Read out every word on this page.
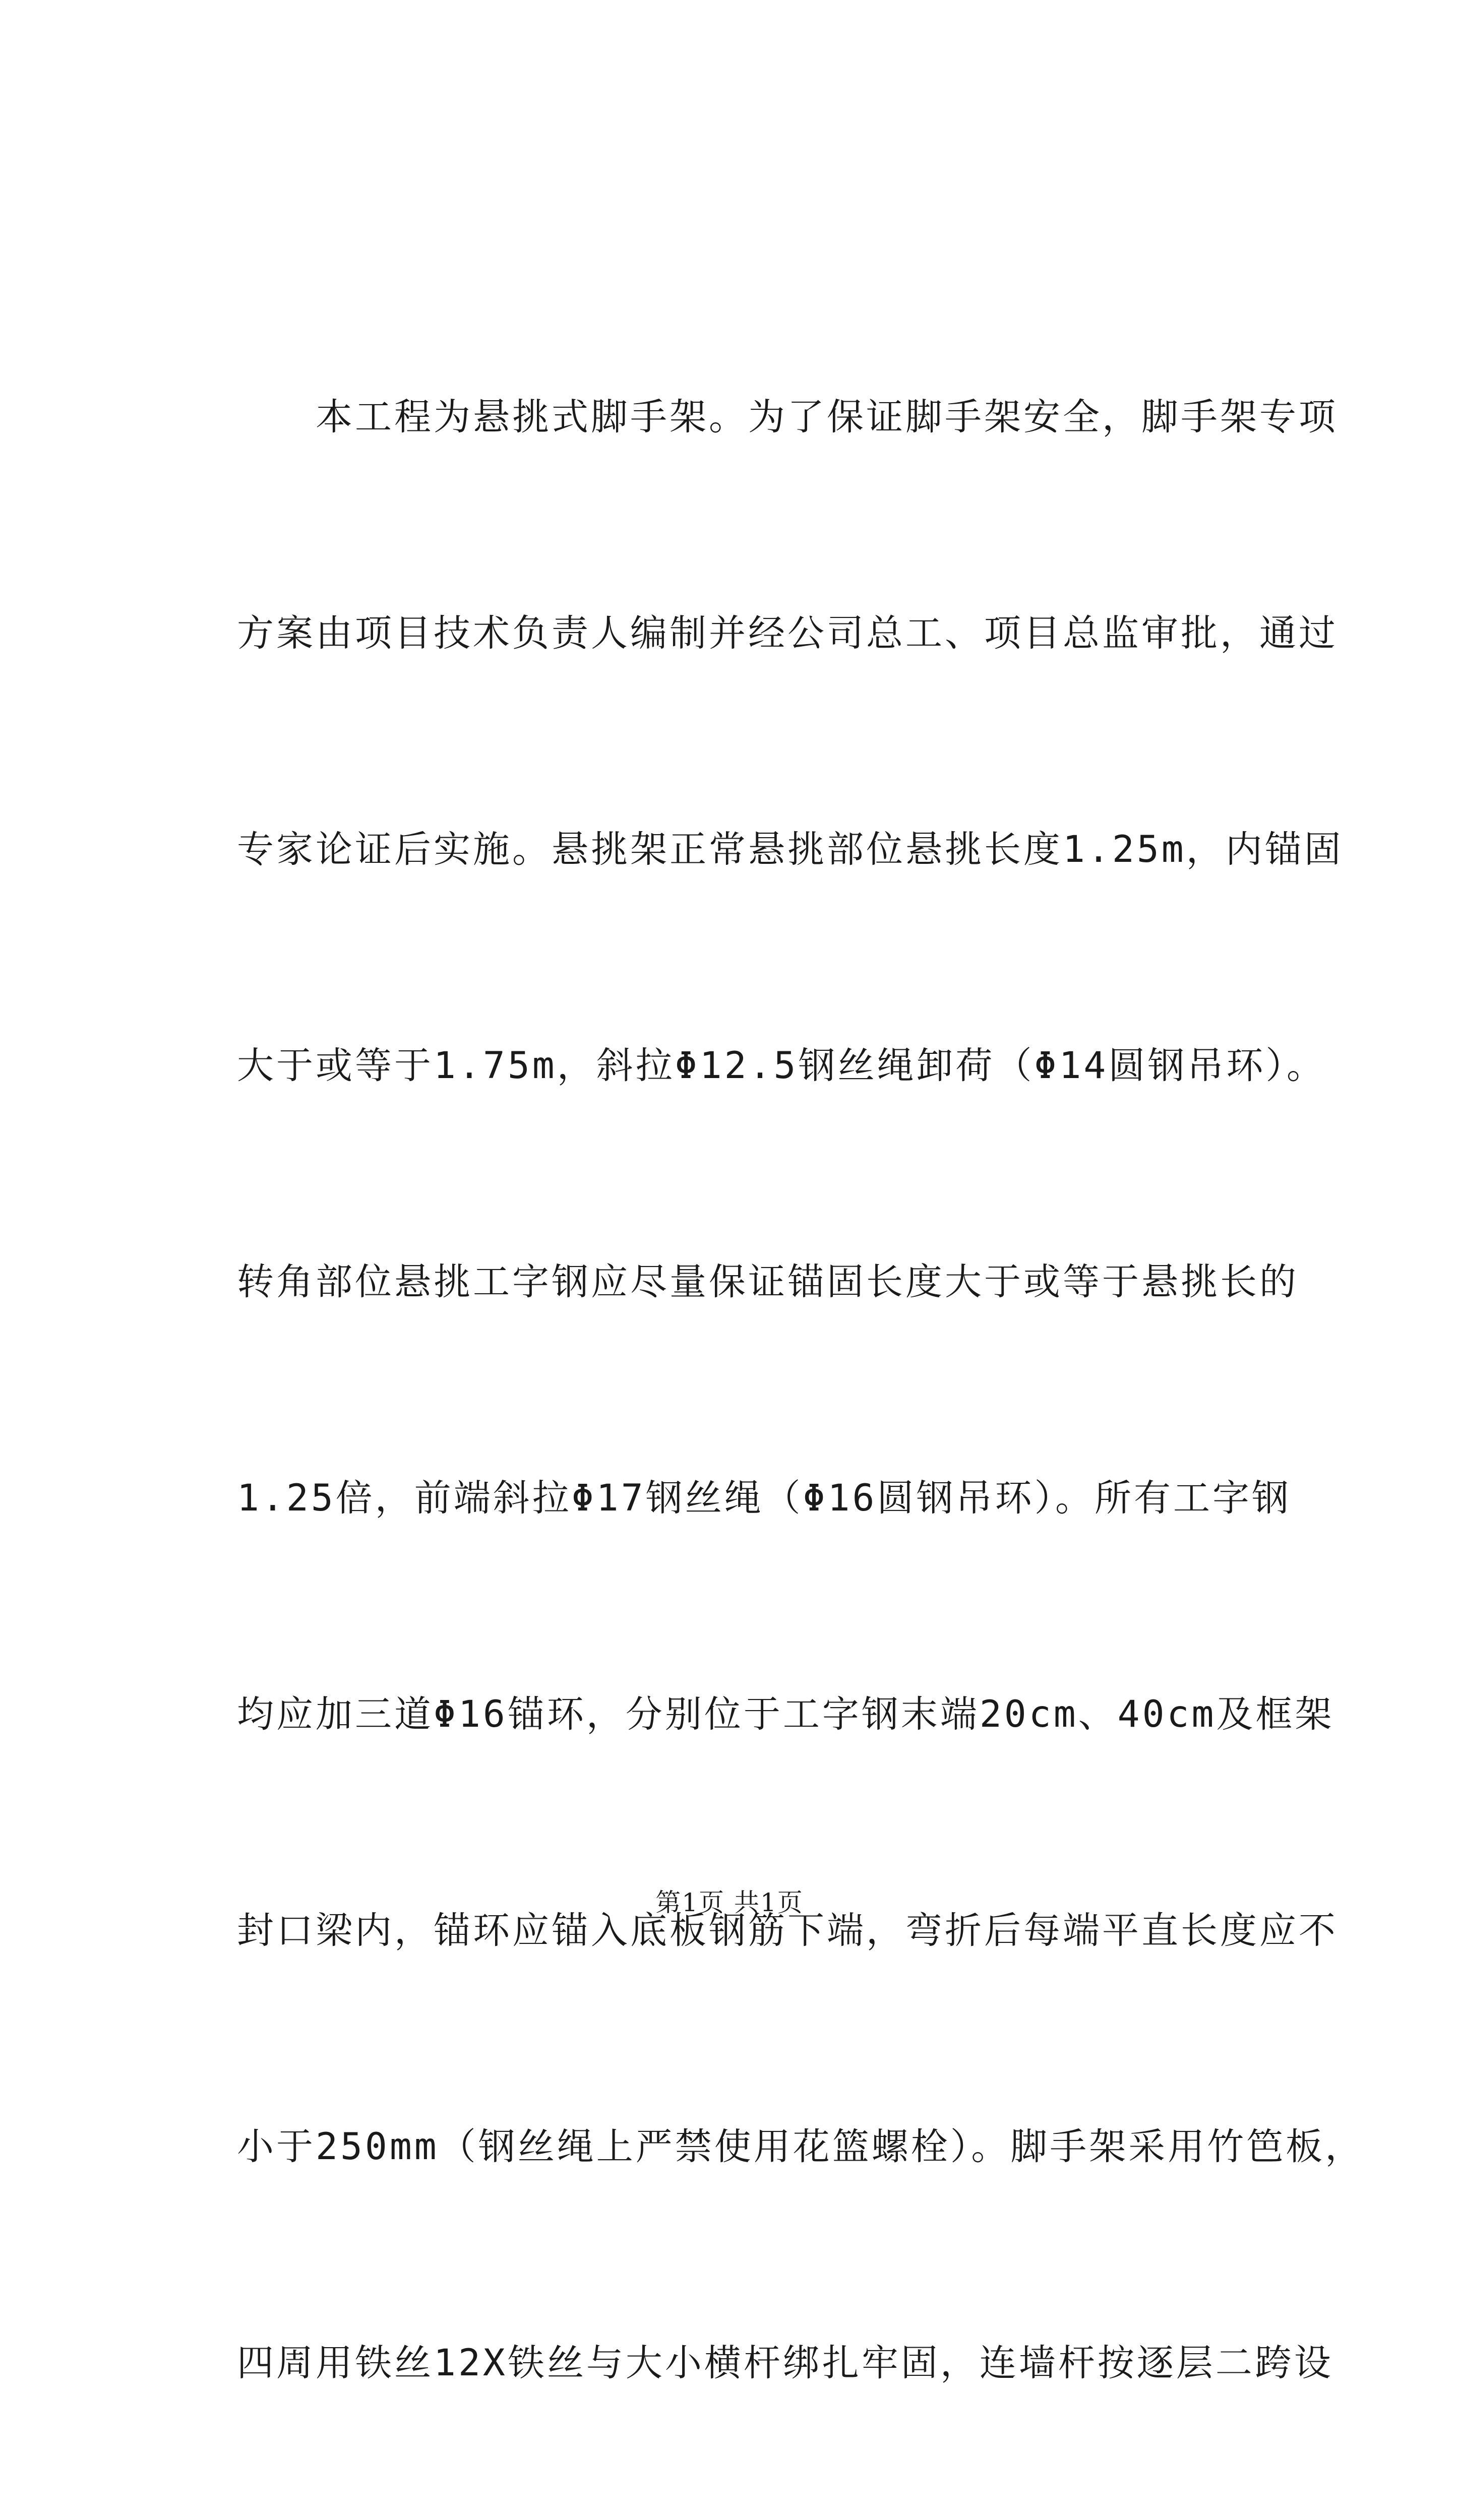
　　本工程为悬挑式脚手架。为了保证脚手架安全，脚手架专项

方案由项目技术负责人编制并经公司总工、项目总监审批，通过

专家论证后实施。悬挑架正常悬挑部位悬挑长度1.25m，内锚固

大于或等于1.75m，斜拉Φ12.5钢丝绳卸荷（Φ14圆钢吊环）。

转角部位悬挑工字钢应尽量保证锚固长度大于或等于悬挑长的

1.25倍，前端斜拉Φ17钢丝绳（Φ16圆钢吊环）。所有工字钢

均应加三道Φ16锚环，分别位于工字钢末端20cm、40cm及框架

封口梁内，锚环应锚入底板钢筋下端，弯折后每端平直长度应不

小于250mm（钢丝绳上严禁使用花篮螺栓）。脚手架采用竹笆板，

四周用铁丝12X铁丝与大小横杆绑扎牢固，连墙杆按逐层二跨设

第1页 共1页
